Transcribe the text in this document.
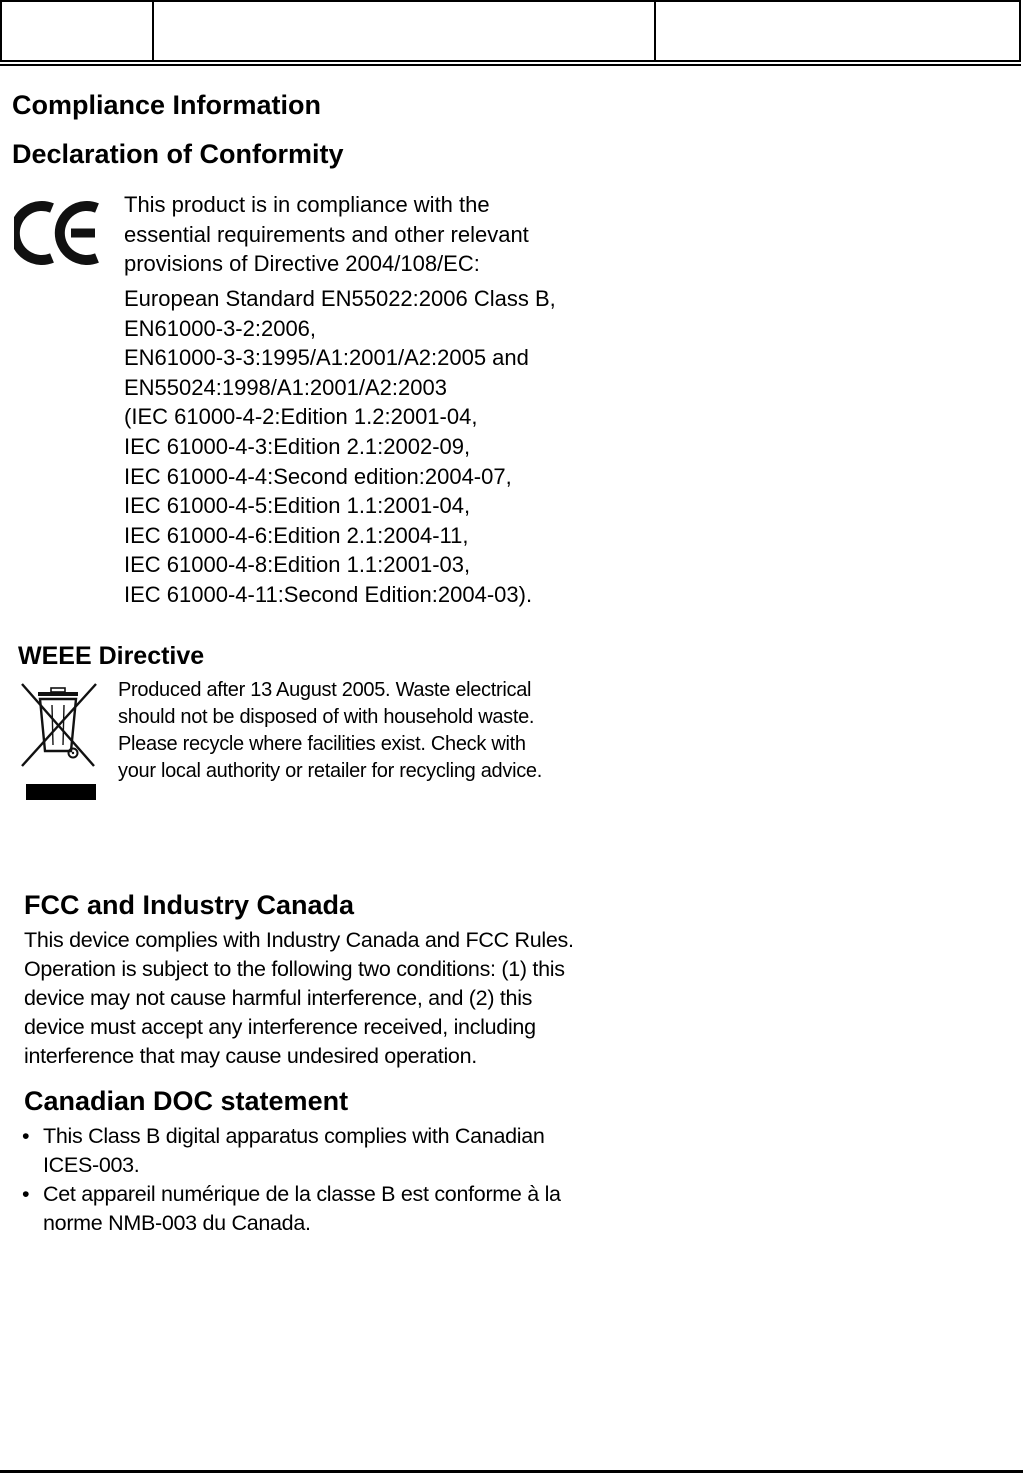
Compliance Information
Declaration of Conformity
This product is in compliance with the
essential requirements and other relevant
provisions of Directive 2004/108/EC:
European Standard EN55022:2006 Class B,
EN61000-3-2:2006,
EN61000-3-3:1995/A1:2001/A2:2005 and
EN55024:1998/A1:2001/A2:2003
(IEC 61000-4-2:Edition 1.2:2001-04,
IEC 61000-4-3:Edition 2.1:2002-09,
IEC 61000-4-4:Second edition:2004-07,
IEC 61000-4-5:Edition 1.1:2001-04,
IEC 61000-4-6:Edition 2.1:2004-11,
IEC 61000-4-8:Edition 1.1:2001-03,
IEC 61000-4-11:Second Edition:2004-03).
WEEE Directive
Produced after 13 August 2005. Waste electrical
should not be disposed of with household waste.
Please recycle where facilities exist. Check with
your local authority or retailer for recycling advice.
FCC and Industry Canada
This device complies with Industry Canada and FCC Rules.
Operation is subject to the following two conditions: (1) this
device may not cause harmful interference, and (2) this
device must accept any interference received, including
interference that may cause undesired operation.
Canadian DOC statement
• This Class B digital apparatus complies with Canadian
ICES-003.
• Cet appareil numérique de la classe B est conforme à la
norme NMB-003 du Canada.
